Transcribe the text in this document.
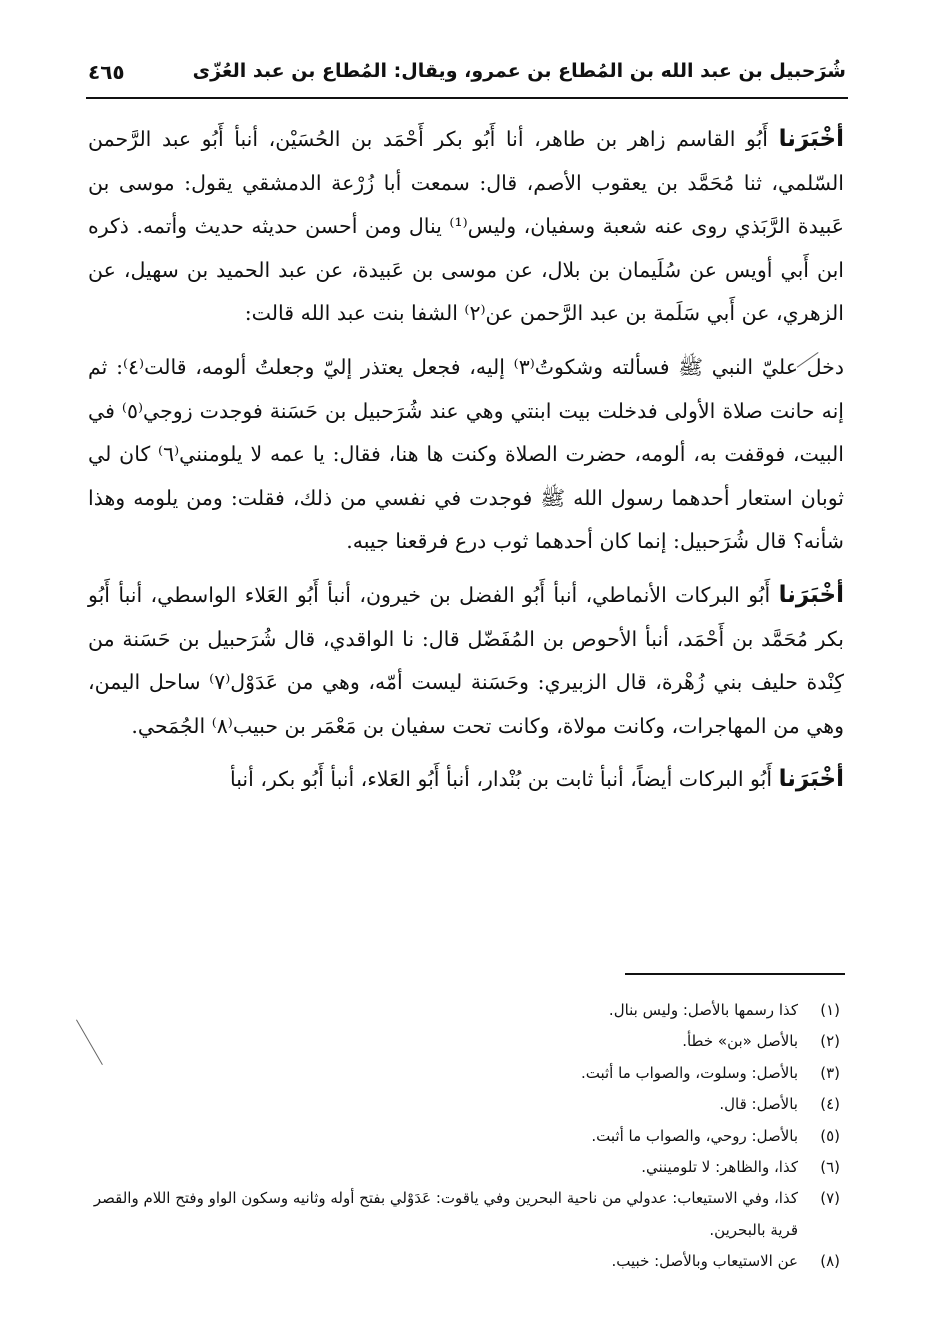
شُرَحبيل بن عبد الله بن المُطاع بن عمرو، ويقال: المُطاع بن عبد العُزّى
٤٦٥

أخْبَرَنا أَبُو القاسم زاهر بن طاهر، أنا أَبُو بكر أَحْمَد بن الحُسَيْن، أنبأ أَبُو عبد الرَّحمن السّلمي، ثنا مُحَمَّد بن يعقوب الأصم، قال: سمعت أبا زُرْعة الدمشقي يقول: موسى بن عَبيدة الرَّبَذي روى عنه شعبة وسفيان، وليس⁽¹⁾ ينال ومن أحسن حديثه حديث وأتمه. ذكره ابن أَبي أويس عن سُلَيمان بن بلال، عن موسى بن عَبيدة، عن عبد الحميد بن سهيل، عن الزهري، عن أَبي سَلَمة بن عبد الرَّحمن عن⁽٢⁾ الشفا بنت عبد الله قالت:

دخل عليّ النبي ﷺ فسألته وشكوتُ⁽٣⁾ إليه، فجعل يعتذر إليّ وجعلتُ ألومه، قالت⁽٤⁾: ثم إنه حانت صلاة الأولى فدخلت بيت ابنتي وهي عند شُرَحبيل بن حَسَنة فوجدت زوجي⁽٥⁾ في البيت، فوقفت به، ألومه، حضرت الصلاة وكنت ها هنا، فقال: يا عمه لا يلومنني⁽٦⁾ كان لي ثوبان استعار أحدهما رسول الله ﷺ فوجدت في نفسي من ذلك، فقلت: ومن يلومه وهذا شأنه؟ قال شُرَحبيل: إنما كان أحدهما ثوب درع فرقعنا جيبه.

أخْبَرَنا أَبُو البركات الأنماطي، أنبأ أَبُو الفضل بن خيرون، أنبأ أَبُو العَلاء الواسطي، أنبأ أَبُو بكر مُحَمَّد بن أَحْمَد، أنبأ الأحوص بن المُفَضّل قال: نا الواقدي، قال شُرَحبيل بن حَسَنة من كِنْدة حليف بني زُهْرة، قال الزبيري: وحَسَنة ليست أمّه، وهي من عَدَوْل⁽٧⁾ ساحل اليمن، وهي من المهاجرات، وكانت مولاة، وكانت تحت سفيان بن مَعْمَر بن حبيب⁽٨⁾ الجُمَحي.

أخْبَرَنا أَبُو البركات أيضاً، أنبأ ثابت بن بُنْدار، أنبأ أَبُو العَلاء، أنبأ أَبُو بكر، أنبأ

(١)
كذا رسمها بالأصل: وليس بنال.
(٢)
بالأصل «بن» خطأ.
(٣)
بالأصل: وسلوت، والصواب ما أثبت.
(٤)
بالأصل: قال.
(٥)
بالأصل: روحي، والصواب ما أثبت.
(٦)
كذا، والظاهر: لا تلومينني.
(٧)
كذا، وفي الاستيعاب: عدولي من ناحية البحرين وفي ياقوت: عَدَوْلي بفتح أوله وثانيه وسكون الواو وفتح اللام والقصر قرية بالبحرين.
(٨)
عن الاستيعاب وبالأصل: خبيب.
